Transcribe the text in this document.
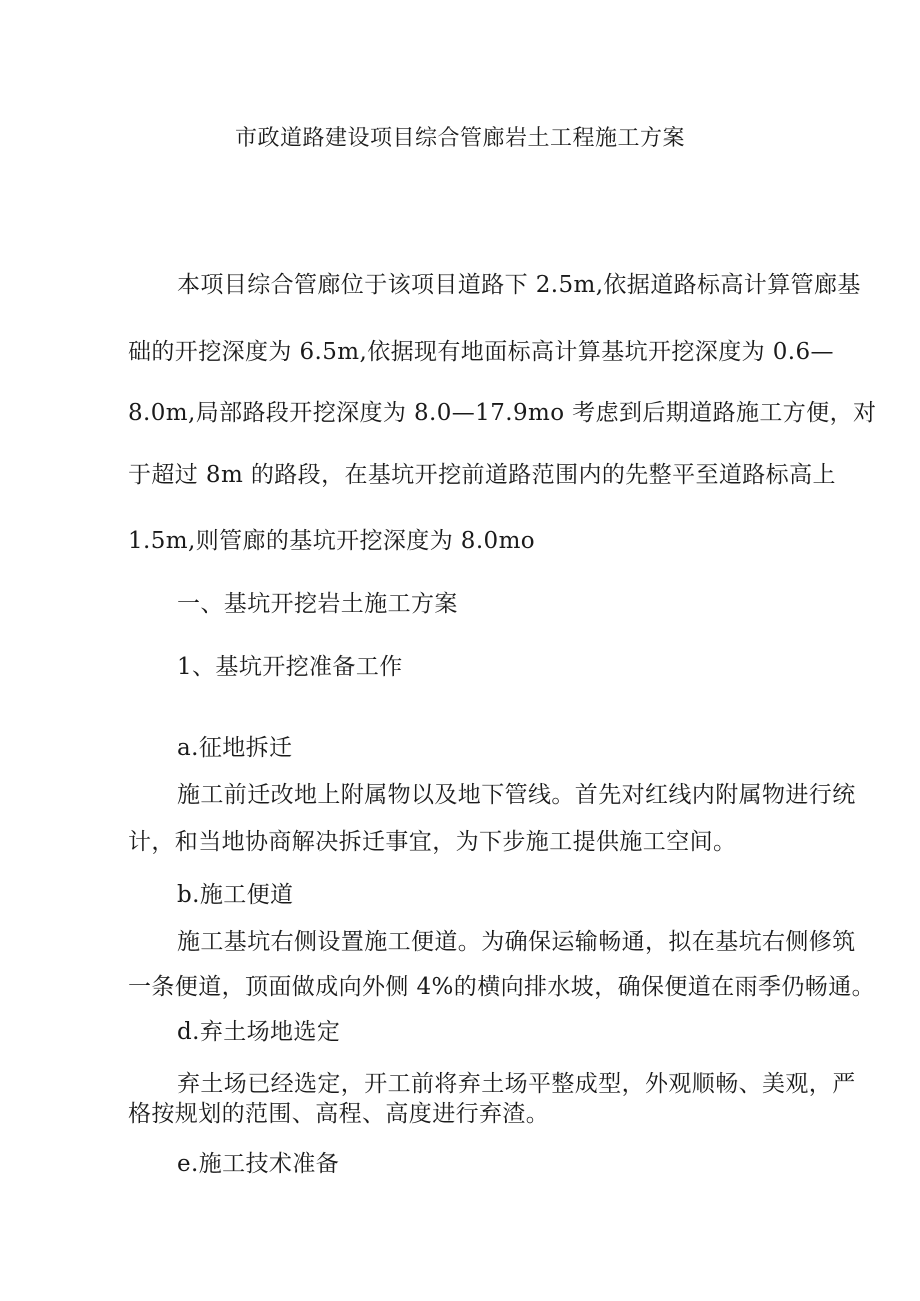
市政道路建设项目综合管廊岩土工程施工方案
本项目综合管廊位于该项目道路下 2.5m,依据道路标高计算管廊基
础的开挖深度为 6.5m,依据现有地面标高计算基坑开挖深度为 0.6—
8.0m,局部路段开挖深度为 8.0—17.9mo 考虑到后期道路施工方便，对
于超过 8m 的路段，在基坑开挖前道路范围内的先整平至道路标高上
1.5m,则管廊的基坑开挖深度为 8.0mo
一、基坑开挖岩土施工方案
1、基坑开挖准备工作
a.征地拆迁
施工前迁改地上附属物以及地下管线。首先对红线内附属物进行统
计，和当地协商解决拆迁事宜，为下步施工提供施工空间。
b.施工便道
施工基坑右侧设置施工便道。为确保运输畅通，拟在基坑右侧修筑
一条便道，顶面做成向外侧 4%的横向排水坡，确保便道在雨季仍畅通。
d.弃土场地选定
弃土场已经选定，开工前将弃土场平整成型，外观顺畅、美观，严
格按规划的范围、高程、高度进行弃渣。
e.施工技术准备
